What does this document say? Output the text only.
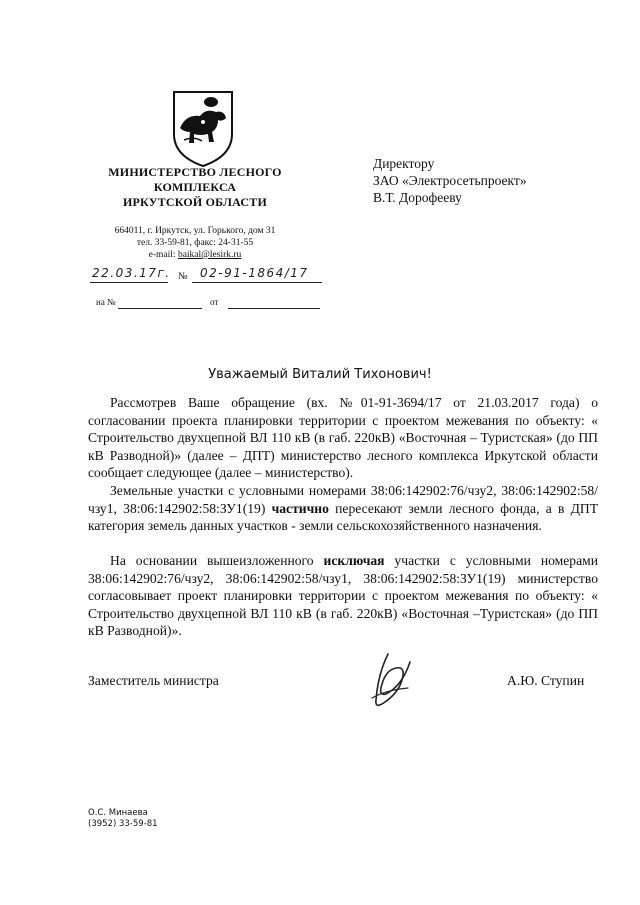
МИНИСТЕРСТВО ЛЕСНОГО
КОМПЛЕКСА
ИРКУТСКОЙ ОБЛАСТИ
664011, г. Иркутск, ул. Горького, дом 31
тел. 33-59-81, факс: 24-31-55
e-mail: baikal@lesirk.ru
22.03.17г. № 02-91-1864/17
на №	от
Директору
ЗАО «Электросетьпроект»
В.Т. Дорофееву
Уважаемый Виталий Тихонович!
Рассмотрев Ваше обращение (вх. №01-91-3694/17 от 21.03.2017 года) о согласовании проекта планировки территории с проектом межевания по объекту: « Строительство двухцепной ВЛ 110 кВ (в габ. 220кВ) «Восточная – Туристская» (до ПП кВ Разводной)» (далее – ДПТ) министерство лесного комплекса Иркутской области сообщает следующее (далее – министерство).
Земельные участки с условными номерами 38:06:142902:76/чзу2, 38:06:142902:58/чзу1, 38:06:142902:58:ЗУ1(19) частично пересекают земли лесного фонда, а в ДПТ категория земель данных участков - земли сельскохозяйственного назначения.
На основании вышеизложенного исключая участки с условными номерами 38:06:142902:76/чзу2, 38:06:142902:58/чзу1, 38:06:142902:58:ЗУ1(19) министерство согласовывает проект планировки территории с проектом межевания по объекту: « Строительство двухцепной ВЛ 110 кВ (в габ. 220кВ) «Восточная –Туристская» (до ПП кВ Разводной)».
Заместитель министра	А.Ю. Ступин
О.С. Минаева
(3952) 33-59-81
